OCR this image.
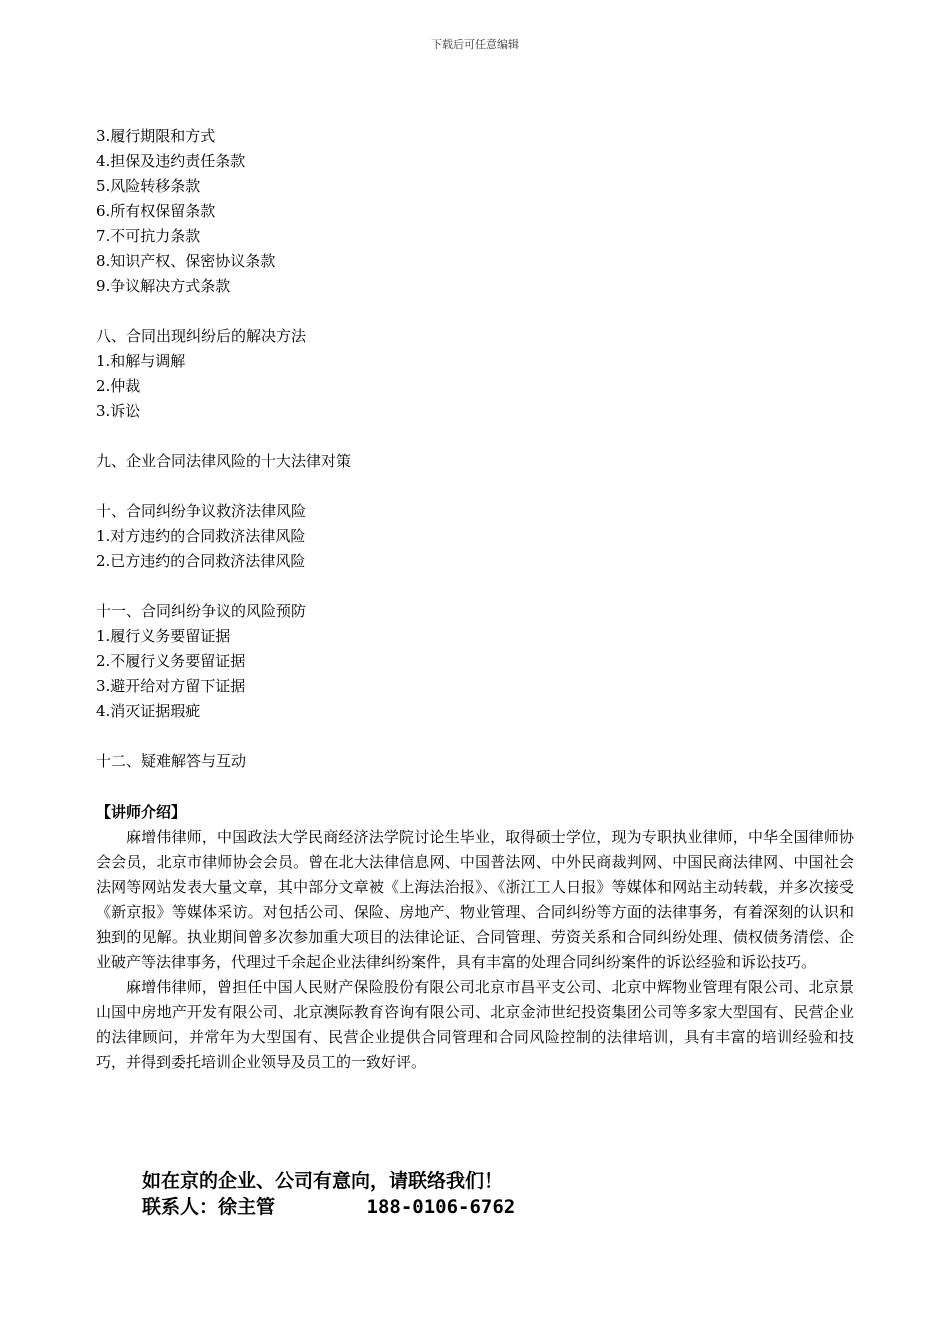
下载后可任意编辑
3.履行期限和方式
4.担保及违约责任条款
5.风险转移条款
6.所有权保留条款
7.不可抗力条款
8.知识产权、保密协议条款
9.争议解决方式条款
八、合同出现纠纷后的解决方法
1.和解与调解
2.仲裁
3.诉讼
九、企业合同法律风险的十大法律对策
十、合同纠纷争议救济法律风险
1.对方违约的合同救济法律风险
2.已方违约的合同救济法律风险
十一、合同纠纷争议的风险预防
1.履行义务要留证据
2.不履行义务要留证据
3.避开给对方留下证据
4.消灭证据瑕疵
十二、疑难解答与互动
【讲师介绍】

麻增伟律师，中国政法大学民商经济法学院讨论生毕业，取得硕士学位，现为专职执业律师，中华全国律师协会会员，北京市律师协会会员。曾在北大法律信息网、中国普法网、中外民商裁判网、中国民商法律网、中国社会法网等网站发表大量文章，其中部分文章被《上海法治报》、《浙江工人日报》等媒体和网站主动转载，并多次接受《新京报》等媒体采访。对包括公司、保险、房地产、物业管理、合同纠纷等方面的法律事务，有着深刻的认识和独到的见解。执业期间曾多次参加重大项目的法律论证、合同管理、劳资关系和合同纠纷处理、债权债务清偿、企业破产等法律事务，代理过千余起企业法律纠纷案件，具有丰富的处理合同纠纷案件的诉讼经验和诉讼技巧。

麻增伟律师，曾担任中国人民财产保险股份有限公司北京市昌平支公司、北京中辉物业管理有限公司、北京景山国中房地产开发有限公司、北京澳际教育咨询有限公司、北京金沛世纪投资集团公司等多家大型国有、民营企业的法律顾问，并常年为大型国有、民营企业提供合同管理和合同风险控制的法律培训，具有丰富的培训经验和技巧，并得到委托培训企业领导及员工的一致好评。

如在京的企业、公司有意向，请联络我们！
联系人：徐主管	188-0106-6762
